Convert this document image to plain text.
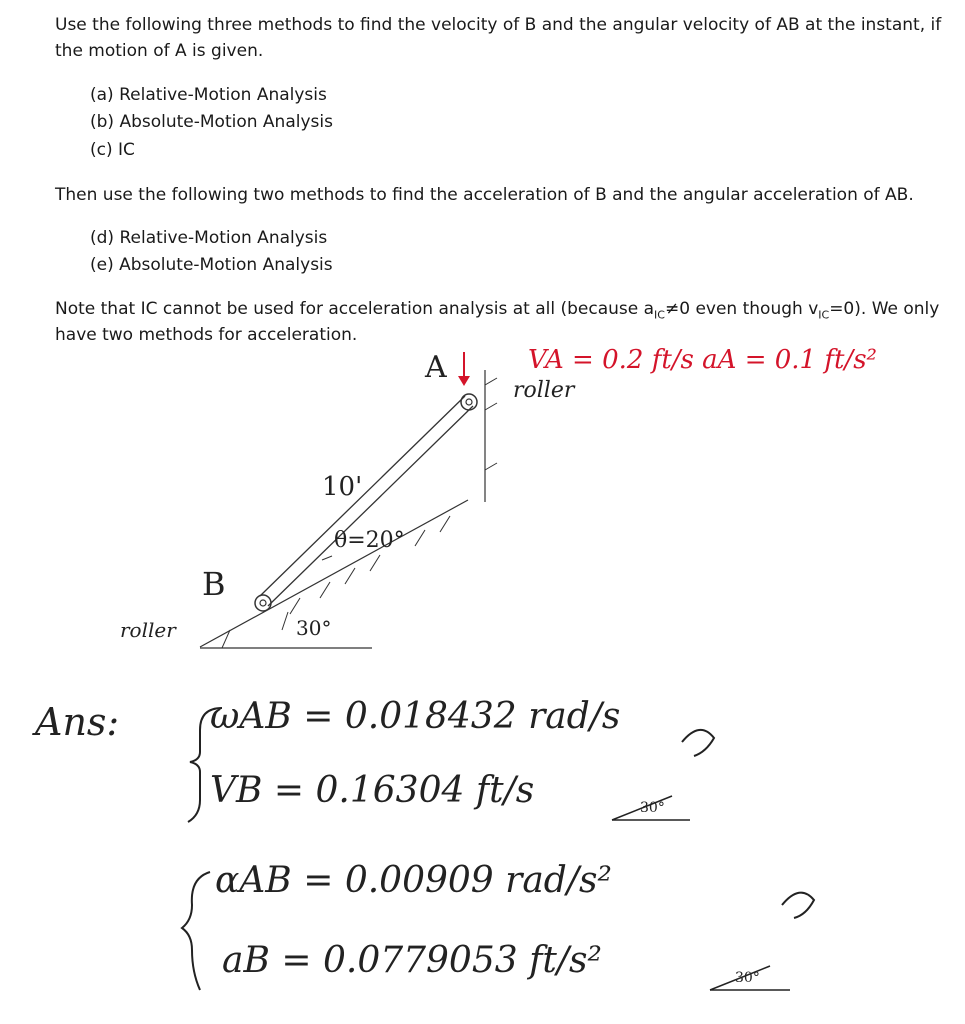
Use the following three methods to find the velocity of B and the angular velocity of AB at the instant, if

the motion of A is given.

(a) Relative-Motion Analysis
(b) Absolute-Motion Analysis
(c) IC

Then use the following two methods to find the acceleration of B and the angular acceleration of AB.

(d) Relative-Motion Analysis
(e) Absolute-Motion Analysis

Note that IC cannot be used for acceleration analysis at all (because $a_{IC}\ne 0$ even though $v_{IC}=0$). We only

have two methods for acceleration.

A	VA = 0.2 ft/s aA = 0.1 ft/s²
roller
10'
θ=20°
B
roller	30°
Ans:	ωAB = 0.018432 rad/s
VB = 0.16304 ft/s	30°
αAB = 0.00909 rad/s²
aB = 0.0779053 ft/s²	30°
